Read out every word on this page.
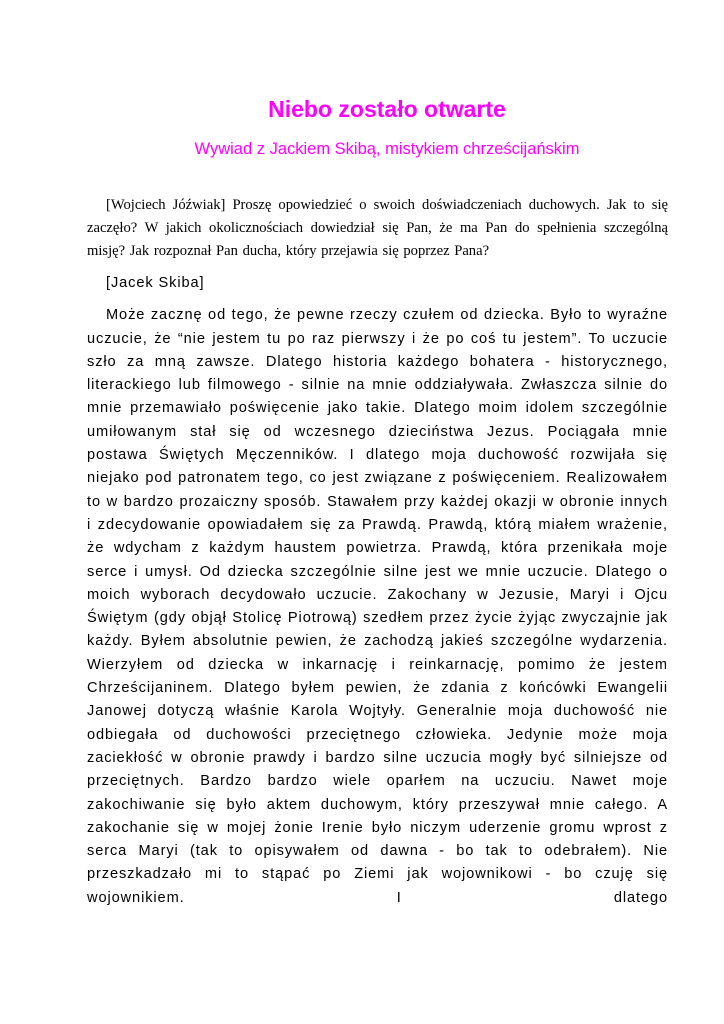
Niebo zostało otwarte
Wywiad z Jackiem Skibą, mistykiem chrześcijańskim

[Wojciech Jóźwiak] Proszę opowiedzieć o swoich doświadczeniach duchowych. Jak to się zaczęło? W jakich okolicznościach dowiedział się Pan, że ma Pan do spełnienia szczególną misję? Jak rozpoznał Pan ducha, który przejawia się poprzez Pana?

[Jacek Skiba]

Może zacznę od tego, że pewne rzeczy czułem od dziecka. Było to wyraźne uczucie, że “nie jestem tu po raz pierwszy i że po coś tu jestem”. To uczucie szło za mną zawsze. Dlatego historia każdego bohatera - historycznego, literackiego lub filmowego - silnie na mnie oddziaływała. Zwłaszcza silnie do mnie przemawiało poświęcenie jako takie. Dlatego moim idolem szczególnie umiłowanym stał się od wczesnego dzieciństwa Jezus. Pociągała mnie postawa Świętych Męczenników. I dlatego moja duchowość rozwijała się niejako pod patronatem tego, co jest związane z poświęceniem. Realizowałem to w bardzo prozaiczny sposób. Stawałem przy każdej okazji w obronie innych i zdecydowanie opowiadałem się za Prawdą. Prawdą, którą miałem wrażenie, że wdycham z każdym haustem powietrza. Prawdą, która przenikała moje serce i umysł. Od dziecka szczególnie silne jest we mnie uczucie. Dlatego o moich wyborach decydowało uczucie. Zakochany w Jezusie, Maryi i Ojcu Świętym (gdy objął Stolicę Piotrową) szedłem przez życie żyjąc zwyczajnie jak każdy. Byłem absolutnie pewien, że zachodzą jakieś szczególne wydarzenia. Wierzyłem od dziecka w inkarnację i reinkarnację, pomimo że jestem Chrześcijaninem. Dlatego byłem pewien, że zdania z końcówki Ewangelii Janowej dotyczą właśnie Karola Wojtyły. Generalnie moja duchowość nie odbiegała od duchowości przeciętnego człowieka. Jedynie może moja zaciekłość w obronie prawdy i bardzo silne uczucia mogły być silniejsze od przeciętnych. Bardzo bardzo wiele oparłem na uczuciu. Nawet moje zakochiwanie się było aktem duchowym, który przeszywał mnie całego. A zakochanie się w mojej żonie Irenie było niczym uderzenie gromu wprost z serca Maryi (tak to opisywałem od dawna - bo tak to odebrałem). Nie przeszkadzało mi to stąpać po Ziemi jak wojownikowi - bo czuję się wojownikiem. I dlatego
